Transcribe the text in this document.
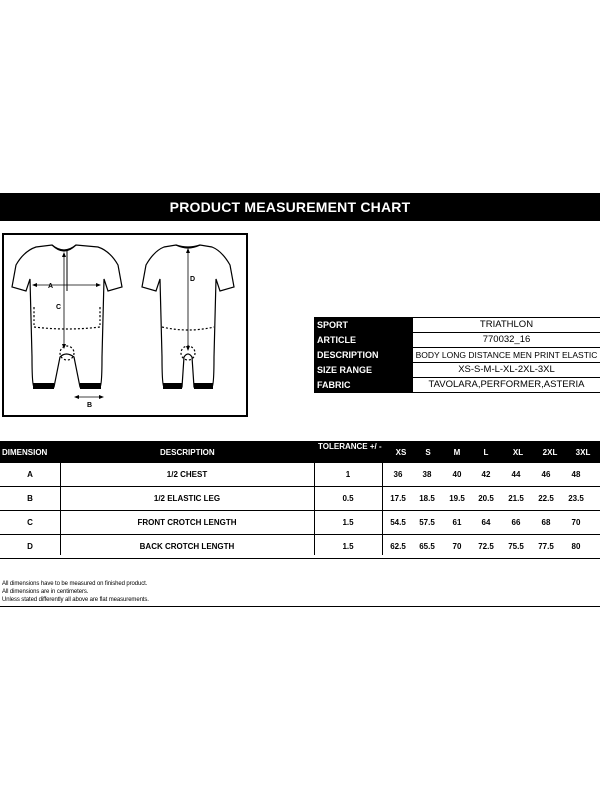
PRODUCT MEASUREMENT CHART
A
C
B
D
SPORT	TRIATHLON
ARTICLE	770032_16
DESCRIPTION	BODY LONG DISTANCE MEN PRINT ELASTIC
SIZE RANGE	XS-S-M-L-XL-2XL-3XL
FABRIC	TAVOLARA,PERFORMER,ASTERIA
DIMENSION	DESCRIPTION
TOLERANCE +/ -
XS	S	M	L	XL	2XL	3XL
A	1/2 CHEST	1	36	38	40	42	44	46	48
B	1/2 ELASTIC LEG	0.5	17.5	18.5	19.5	20.5	21.5	22.5	23.5
C	FRONT CROTCH LENGTH	1.5	54.5	57.5	61	64	66	68	70
D	BACK CROTCH LENGTH	1.5	62.5	65.5	70	72.5	75.5	77.5	80
All dimensions have to be measured on finished product.
All dimensions are in centimeters.
Unless stated differently all above are flat measurements.
